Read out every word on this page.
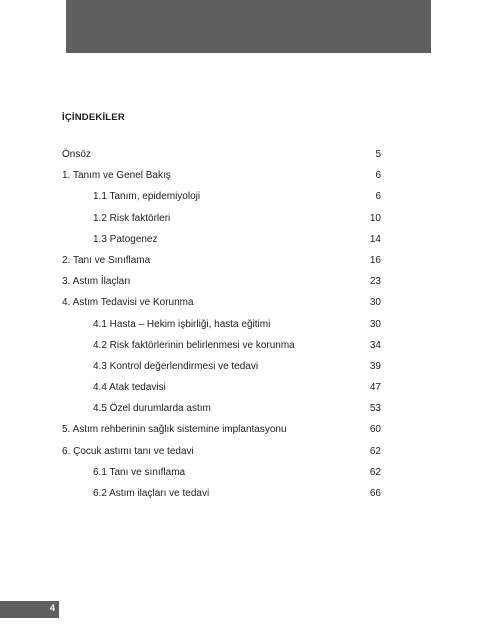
İÇİNDEKİLER
Önsöz	5
1. Tanım ve Genel Bakış	6
1.1 Tanım, epidemiyoloji	6
1.2 Risk faktörleri	10
1.3 Patogenez	14
2. Tanı ve Sınıflama	16
3. Astım İlaçları	23
4. Astım Tedavisi ve Korunma	30
4.1 Hasta – Hekim işbirliği, hasta eğitimi	30
4.2 Risk faktörlerinin belirlenmesi ve korunma	34
4.3 Kontrol değerlendirmesi ve tedavi	39
4.4 Atak tedavisi	47
4.5 Özel durumlarda astım	53
5. Astım rehberinin sağlık sistemine implantasyonu	60
6. Çocuk astımı tanı ve tedavi	62
6.1 Tanı ve sınıflama	62
6.2 Astım ilaçları ve tedavi	66
4
